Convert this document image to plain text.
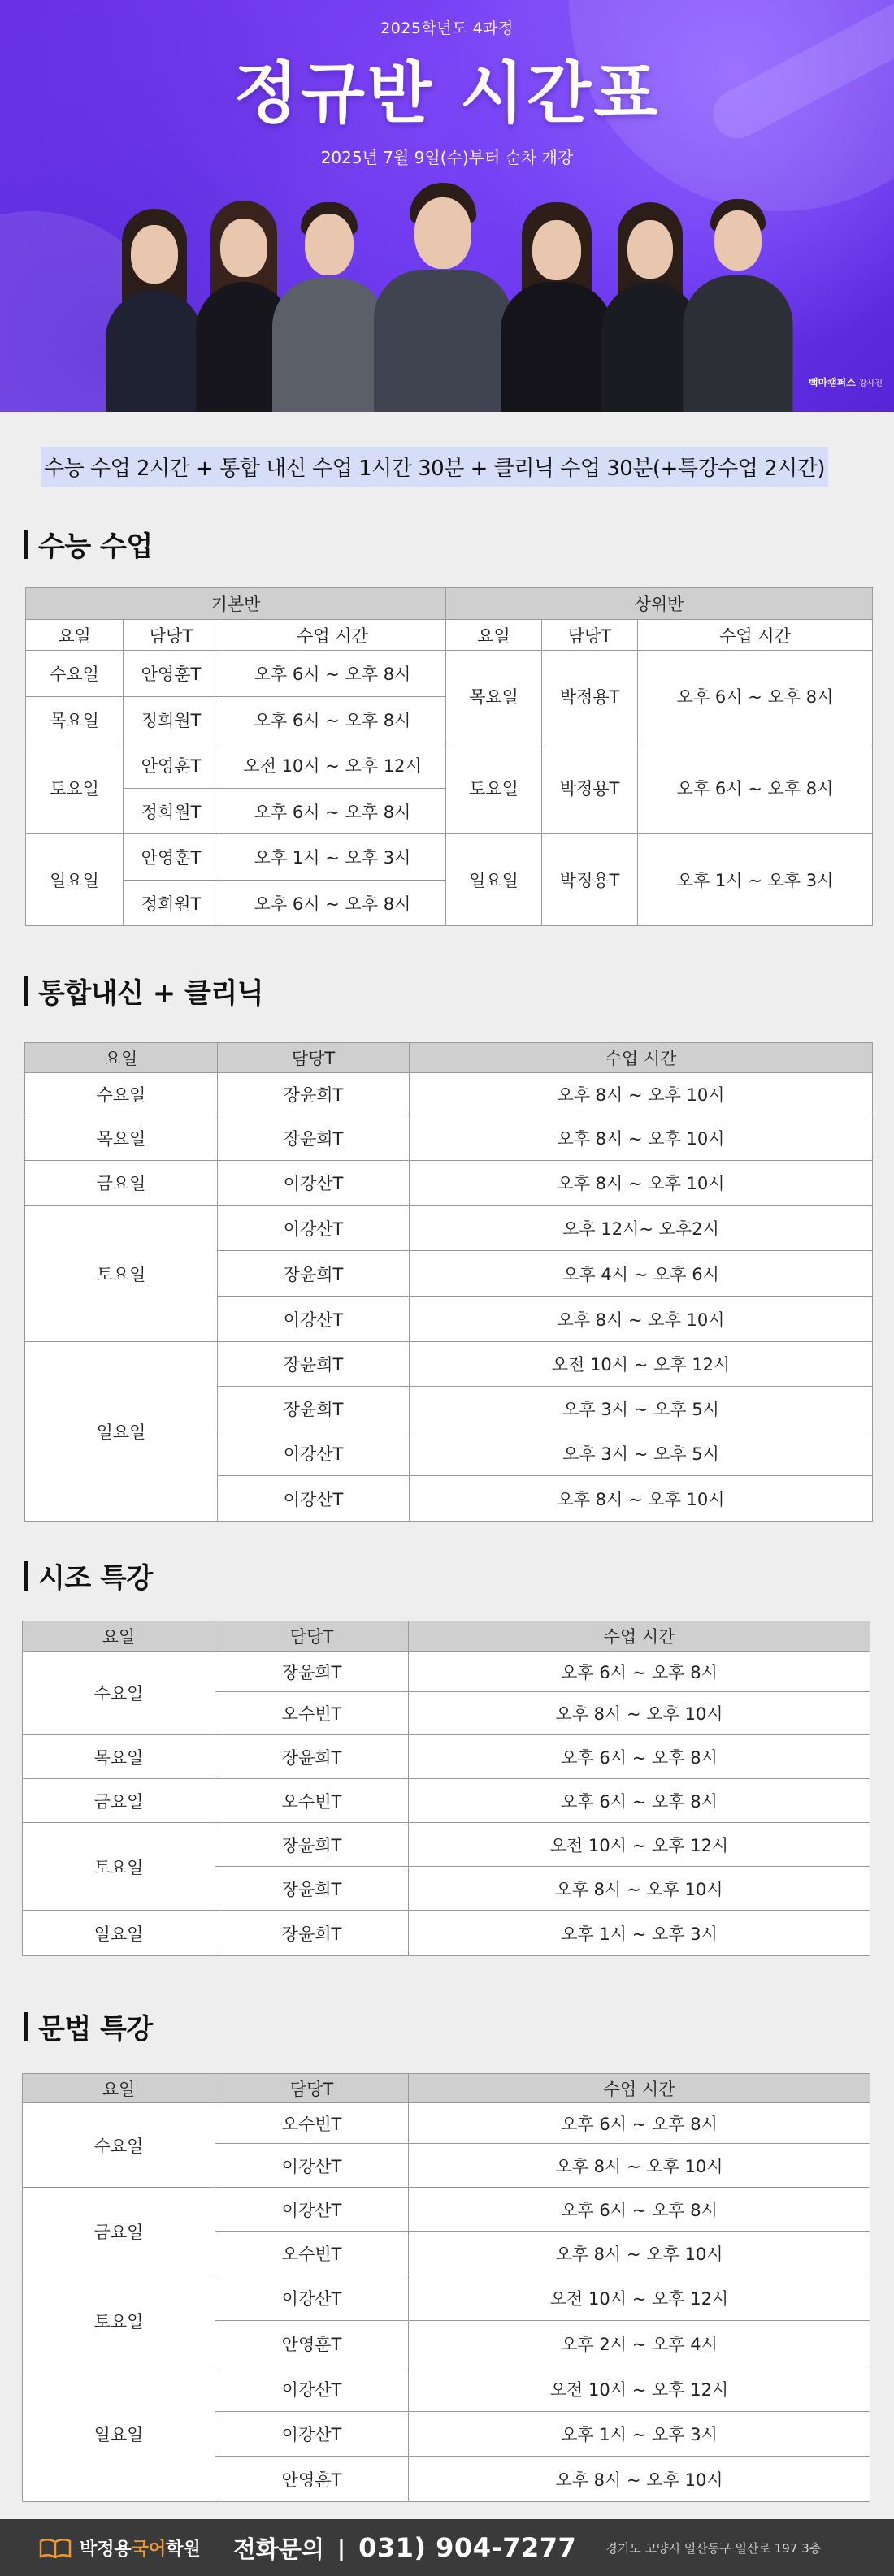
2025학년도 4과정
정규반 시간표
2025년 7월 9일(수)부터 순차 개강
백마캠퍼스 강사진
수능 수업 2시간 + 통합 내신 수업 1시간 30분 + 클리닉 수업 30분(+특강수업 2시간)
수능 수업
기본반			상위반		
요일	담당T	수업 시간	요일	담당T	수업 시간
수요일	안영훈T	오후 6시 ~ 오후 8시	목요일	박정용T	오후 6시 ~ 오후 8시
목요일	정희원T	오후 6시 ~ 오후 8시			
토요일	안영훈T	오전 10시 ~ 오후 12시	토요일	박정용T	오후 6시 ~ 오후 8시
	정희원T	오후 6시 ~ 오후 8시			
일요일	안영훈T	오후 1시 ~ 오후 3시	일요일	박정용T	오후 1시 ~ 오후 3시
	정희원T	오후 6시 ~ 오후 8시			
통합내신 + 클리닉
요일	담당T	수업 시간
수요일	장윤희T	오후 8시 ~ 오후 10시
목요일	장윤희T	오후 8시 ~ 오후 10시
금요일	이강산T	오후 8시 ~ 오후 10시
토요일	이강산T	오후 12시~ 오후2시
	장윤희T	오후 4시 ~ 오후 6시
	이강산T	오후 8시 ~ 오후 10시
일요일	장윤희T	오전 10시 ~ 오후 12시
	장윤희T	오후 3시 ~ 오후 5시
	이강산T	오후 3시 ~ 오후 5시
	이강산T	오후 8시 ~ 오후 10시
시조 특강
요일	담당T	수업 시간
수요일	장윤희T	오후 6시 ~ 오후 8시
	오수빈T	오후 8시 ~ 오후 10시
목요일	장윤희T	오후 6시 ~ 오후 8시
금요일	오수빈T	오후 6시 ~ 오후 8시
토요일	장윤희T	오전 10시 ~ 오후 12시
	장윤희T	오후 8시 ~ 오후 10시
일요일	장윤희T	오후 1시 ~ 오후 3시
문법 특강
요일	담당T	수업 시간
수요일	오수빈T	오후 6시 ~ 오후 8시
	이강산T	오후 8시 ~ 오후 10시
금요일	이강산T	오후 6시 ~ 오후 8시
	오수빈T	오후 8시 ~ 오후 10시
토요일	이강산T	오전 10시 ~ 오후 12시
	안영훈T	오후 2시 ~ 오후 4시
일요일	이강산T	오전 10시 ~ 오후 12시
	이강산T	오후 1시 ~ 오후 3시
	안영훈T	오후 8시 ~ 오후 10시
박정용 국어 학원 전화문의 | 031) 904-7277 경기도 고양시 일산동구 일산로 197 3층
